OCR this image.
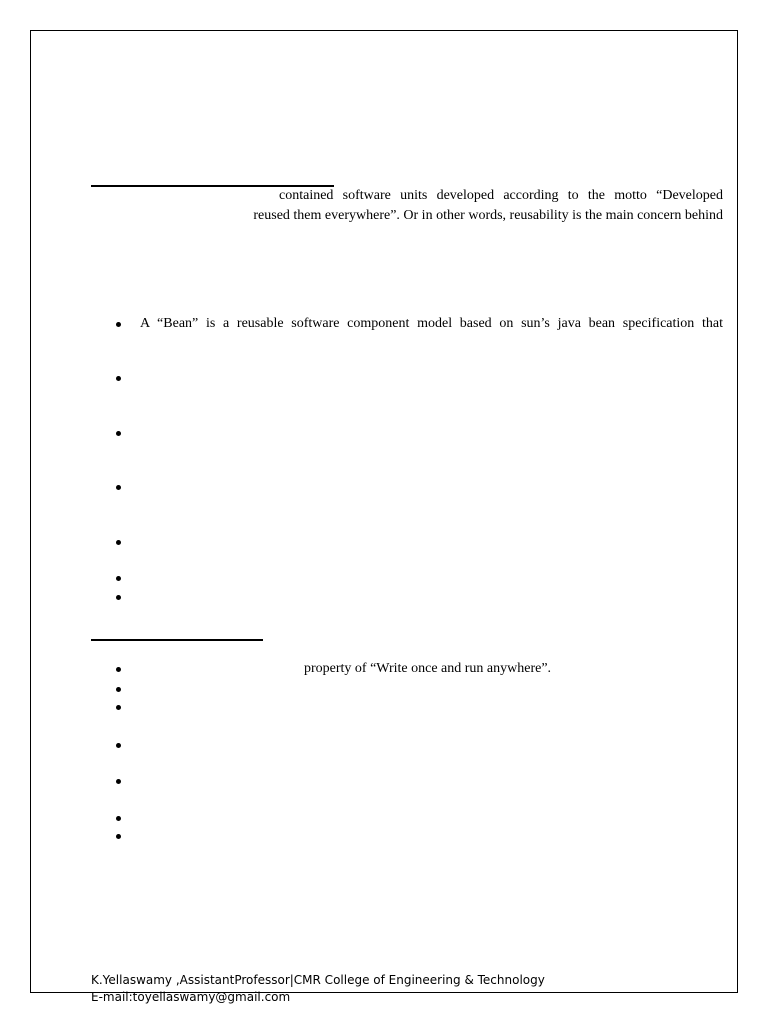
contained software units developed according to the motto “Developed
reused them everywhere”. Or in other words, reusability is the main concern behind
A “Bean” is a reusable software component model based on sun’s java bean specification that
property of “Write once and run anywhere”.
K.Yellaswamy ,AssistantProfessor|CMR College of Engineering & Technology
E-mail:toyellaswamy@gmail.com
